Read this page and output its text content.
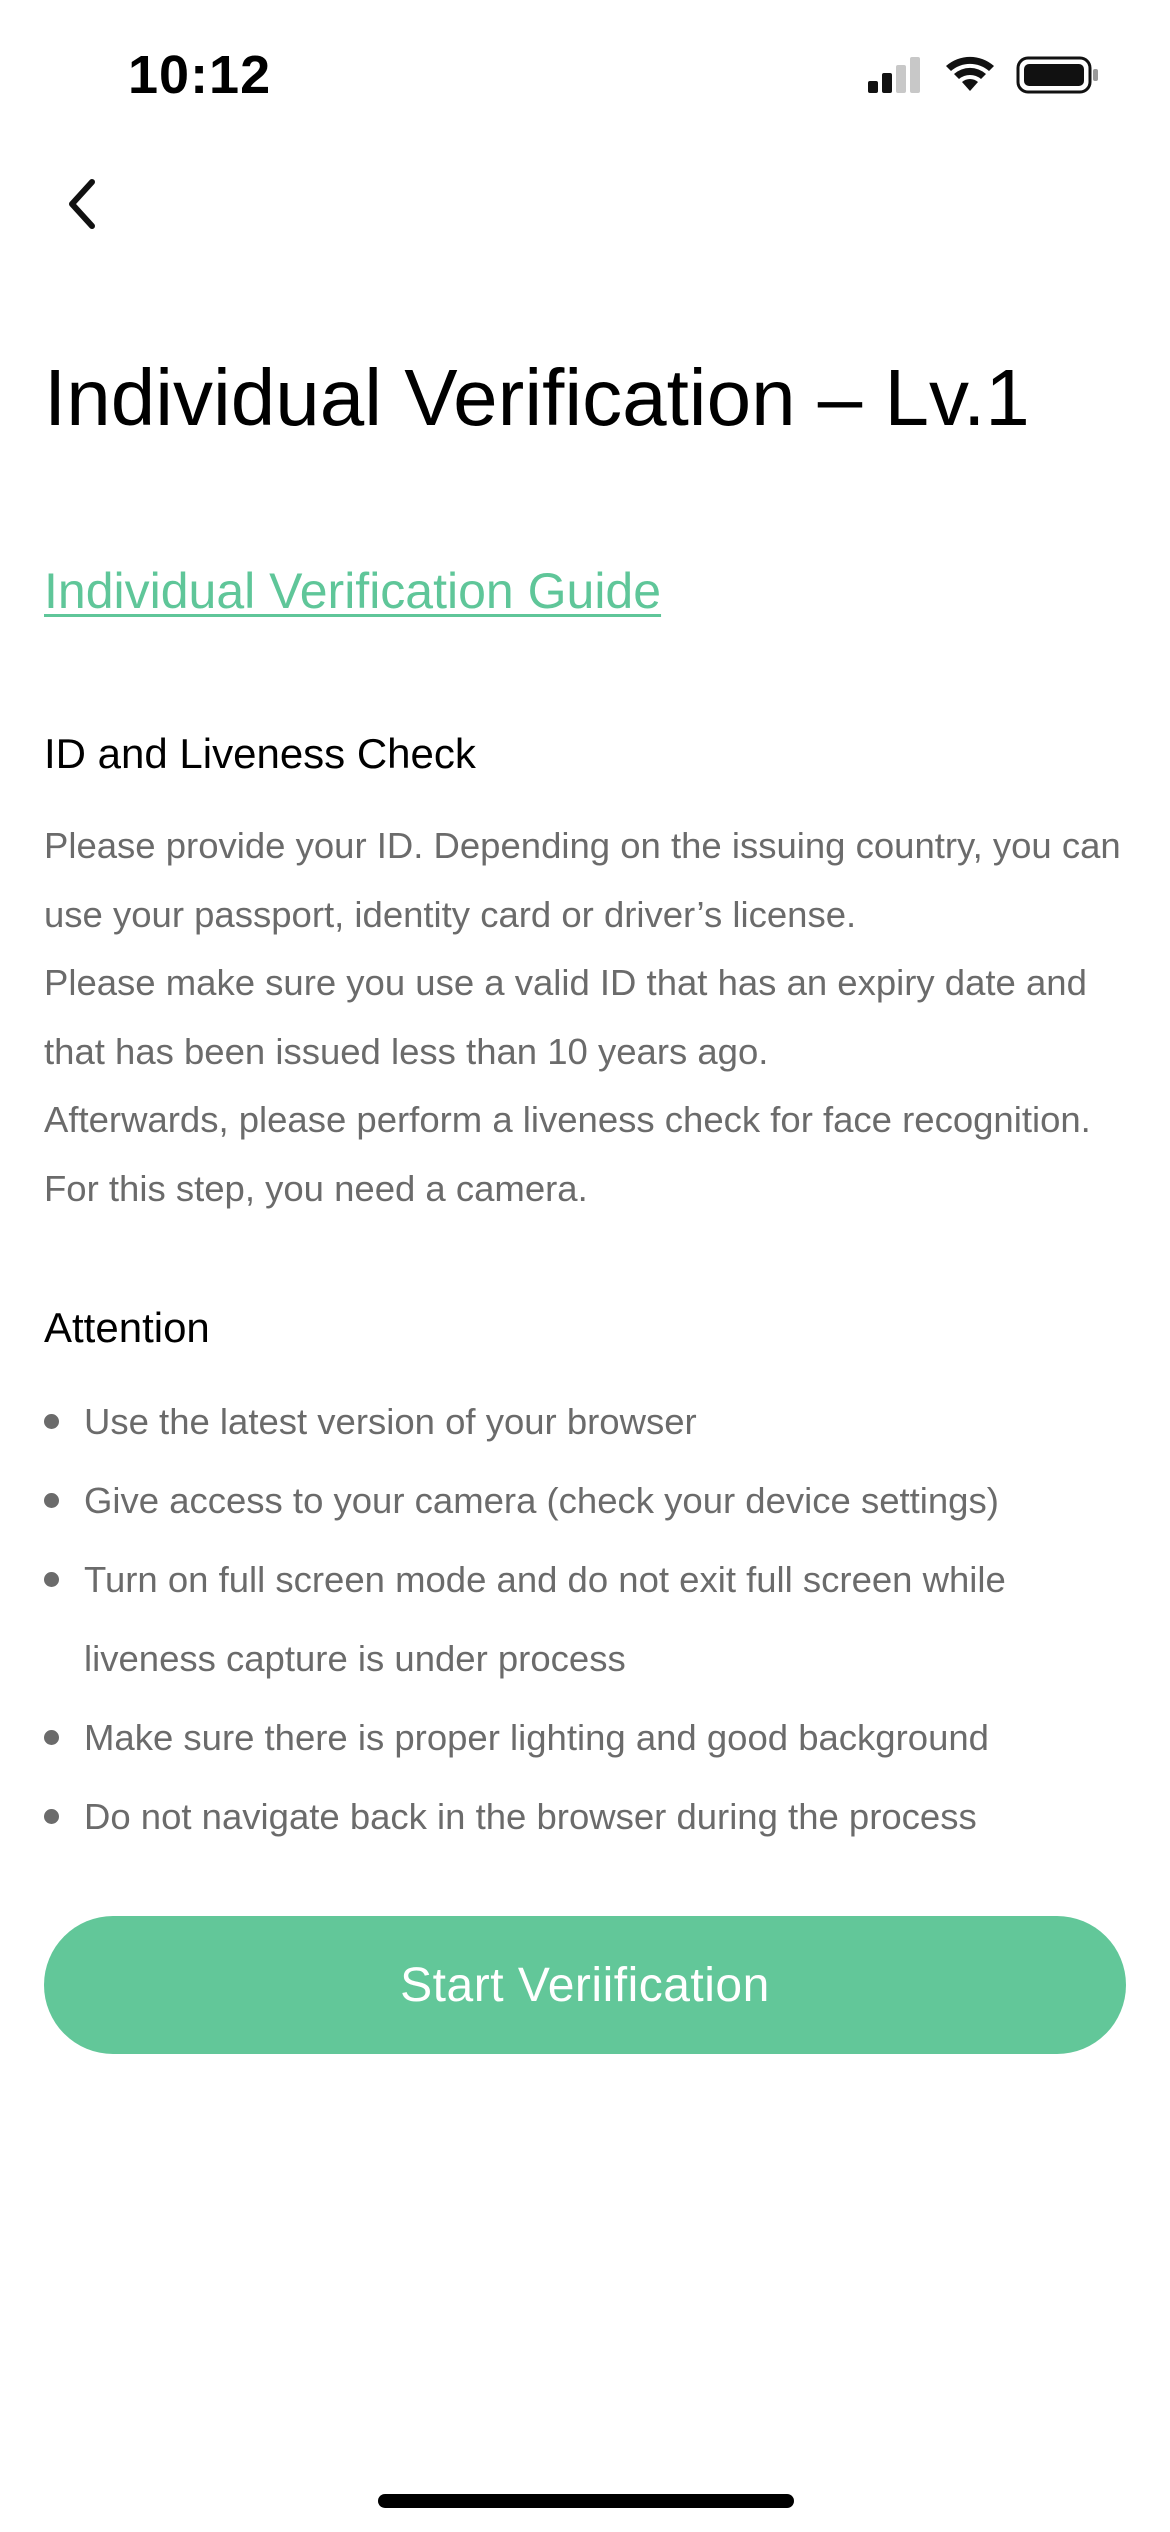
10:12
Individual Verification – Lv.1
Individual Verification Guide
ID and Liveness Check

Please provide your ID. Depending on the issuing country, you can use your passport, identity card or driver’s license.

Please make sure you use a valid ID that has an expiry date and that has been issued less than 10 years ago.

Afterwards, please perform a liveness check for face recognition. For this step, you need a camera.

Attention
Use the latest version of your browser
Give access to your camera (check your device settings)
Turn on full screen mode and do not exit full screen while liveness capture is under process
Make sure there is proper lighting and good background
Do not navigate back in the browser during the process
Start Veriification
